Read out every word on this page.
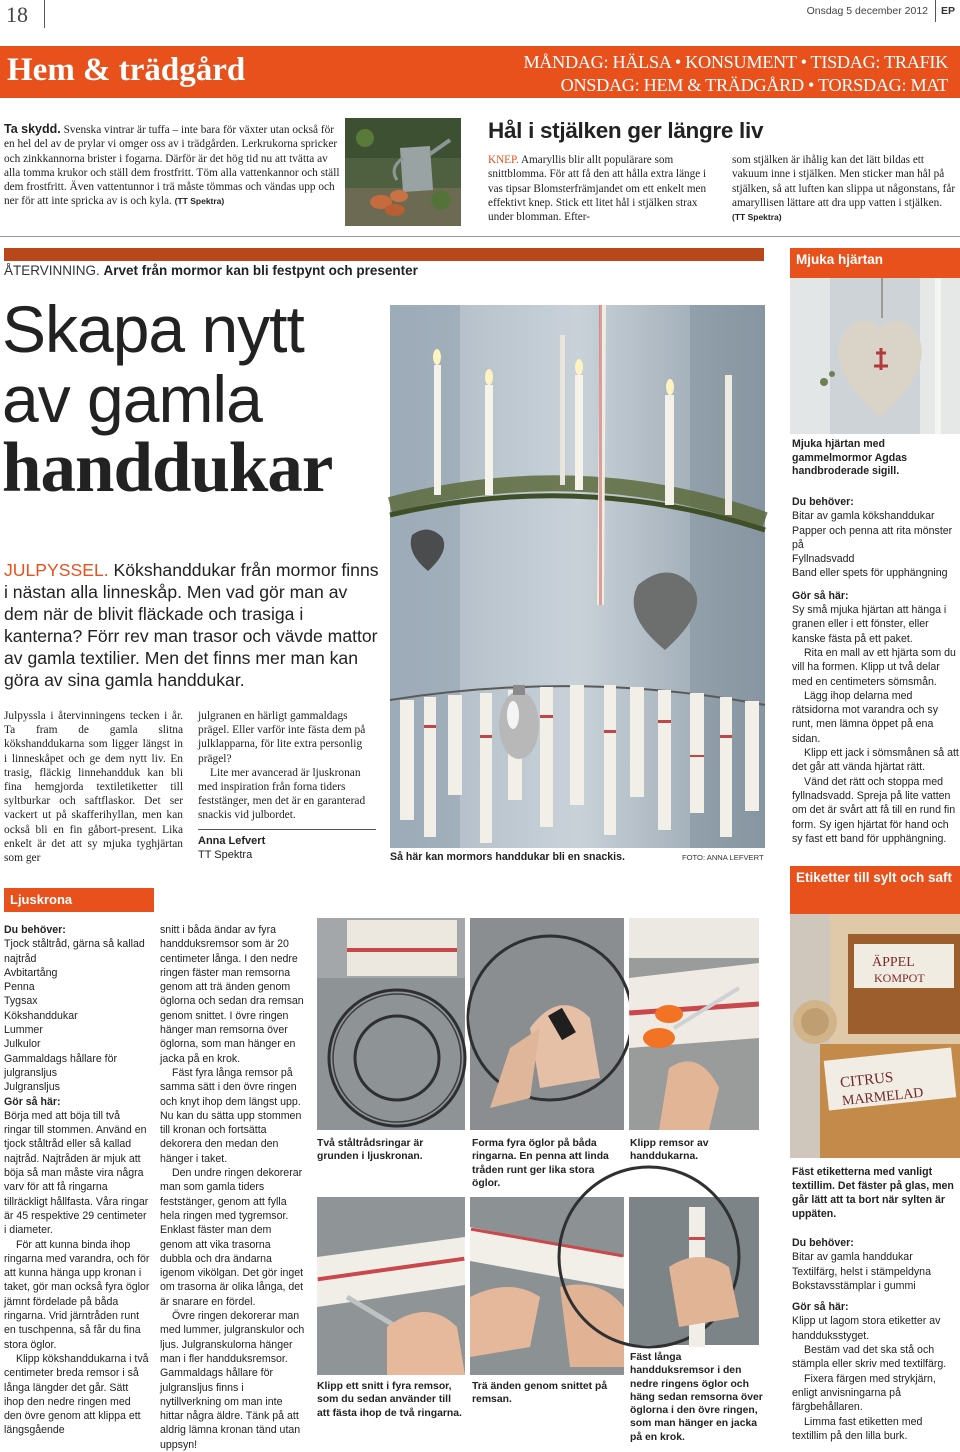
18	Onsdag 5 december 2012 EP
Hem & trädgård	MÅNDAG: HÄLSA • KONSUMENT • TISDAG: TRAFIK
ONSDAG: HEM & TRÄDGÅRD • TORSDAG: MAT

Ta skydd. Svenska vintrar är tuffa – inte bara för växter utan också för en hel del av de prylar vi omger oss av i trädgården. Lerkrukorna spricker och zinkkannorna brister i fogarna. Därför är det hög tid nu att tvätta av alla tomma krukor och ställ dem frostfritt. Töm alla vattenkannor och ställ dem frostfritt. Även vattentunnor i trä måste tömmas och vändas upp och ner för att inte spricka av is och kyla. (TT Spektra)

Hål i stjälken ger längre liv

KNEP. Amaryllis blir allt populärare som snittblomma. För att få den att hålla extra länge i vas tipsar Blomsterfrämjandet om ett enkelt men effektivt knep. Stick ett litet hål i stjälken strax under blomman. Efter-

som stjälken är ihålig kan det lätt bildas ett vakuum inne i stjälken. Men sticker man hål på stjälken, så att luften kan slippa ut någonstans, får amaryllisen lättare att dra upp vatten i stjälken. (TT Spektra)

ÅTERVINNING. Arvet från mormor kan bli festpynt och presenter
Skapa nytt
av gamla
handdukar

JULPYSSEL. Kökshanddukar från mormor finns i nästan alla linneskåp. Men vad gör man av dem när de blivit fläckade och trasiga i kanterna? Förr rev man trasor och vävde mattor av gamla textilier. Men det finns mer man kan göra av sina gamla handdukar.

Julpyssla i återvinningens tecken i år. Ta fram de gamla slitna kökshanddukarna som ligger längst in i linneskåpet och ge dem nytt liv. En trasig, fläckig linnehandduk kan bli fina hemgjorda textiletiketter till syltburkar och saftflaskor. Det ser vackert ut på skafferihyllan, men kan också bli en fin gåbort-present. Lika enkelt är det att sy mjuka tyghjärtan som ger

julgranen en härligt gammaldags prägel. Eller varför inte fästa dem på julklapparna, för lite extra personlig prägel?

Lite mer avancerad är ljuskronan med inspiration från forna tiders feststänger, men det är en garanterad snackis vid julbordet.

Anna Lefvert

TT Spektra	Så här kan mormors handdukar bli en snackis.	FOTO: ANNA LEFVERT
Mjuka hjärtan
Mjuka hjärtan med gammelmormor Agdas handbroderade sigill.

Du behöver:

Bitar av gamla kökshanddukar

Papper och penna att rita mönster på

Fyllnadsvadd

Band eller spets för upphängning

Gör så här:

Sy små mjuka hjärtan att hänga i granen eller i ett fönster, eller kanske fästa på ett paket.

Rita en mall av ett hjärta som du vill ha formen. Klipp ut två delar med en centimeters sömsmån.

Lägg ihop delarna med rätsidorna mot varandra och sy runt, men lämna öppet på ena sidan.

Klipp ett jack i sömsmånen så att det går att vända hjärtat rätt.

Vänd det rätt och stoppa med fyllnadsvadd. Spreja på lite vatten om det är svårt att få till en rund fin form. Sy igen hjärtat för hand och sy fast ett band för upphängning.

Etiketter till sylt och saft
ÄPPEL
KOMPOT
CITRUS
MARMELAD
Fäst etiketterna med vanligt textillim. Det fäster på glas, men går lätt att ta bort när sylten är uppäten.

Du behöver:

Bitar av gamla handdukar

Textilfärg, helst i stämpeldyna

Bokstavsstämplar i gummi

Gör så här:

Klipp ut lagom stora etiketter av handduksstyget.

Bestäm vad det ska stå och stämpla eller skriv med textilfärg.

Fixera färgen med strykjärn, enligt anvisningarna på färgbehållaren.

Limma fast etiketten med textillim på den lilla burk.

Ljuskrona

Du behöver:

Tjock ståltråd, gärna så kallad najtråd

Avbitartång

Penna

Tygsax

Kökshanddukar

Lummer

Julkulor

Gammaldags hållare för julgransljus

Julgransljus

Gör så här:

Börja med att böja till två ringar till stommen. Använd en tjock ståltråd eller så kallad najtråd. Najtråden är mjuk att böja så man måste vira några varv för att få ringarna tillräckligt hållfasta. Våra ringar är 45 respektive 29 centimeter i diameter.

För att kunna binda ihop ringarna med varandra, och för att kunna hänga upp kronan i taket, gör man också fyra öglor jämnt fördelade på båda ringarna. Vrid järntråden runt en tuschpenna, så får du fina stora öglor.

Klipp kökshanddukarna i två centimeter breda remsor i så långa längder det går. Sätt ihop den nedre ringen med den övre genom att klippa ett längsgående

snitt i båda ändar av fyra handduksremsor som är 20 centimeter långa. I den nedre ringen fäster man remsorna genom att trä änden genom öglorna och sedan dra remsan genom snittet. I övre ringen hänger man remsorna över öglorna, som man hänger en jacka på en krok.

Fäst fyra långa remsor på samma sätt i den övre ringen och knyt ihop dem längst upp. Nu kan du sätta upp stommen till kronan och fortsätta dekorera den medan den hänger i taket.

Den undre ringen dekorerar man som gamla tiders feststänger, genom att fylla hela ringen med tygremsor. Enklast fäster man dem genom att vika trasorna dubbla och dra ändarna igenom vikölgan. Det gör inget om trasorna är olika långa, det är snarare en fördel.

Övre ringen dekorerar man med lummer, julgranskulor och ljus. Julgranskulorna hänger man i fler handduksremsor. Gammaldags hållare för julgransljus finns i nytillverkning om man inte hittar några äldre. Tänk på att aldrig lämna kronan tänd utan uppsyn!

Två ståltrådsringar är grunden i ljuskronan.
Forma fyra öglor på båda ringarna. En penna att linda tråden runt ger lika stora öglor.
Klipp remsor av handdukarna.
Klipp ett snitt i fyra remsor, som du sedan använder till att fästa ihop de två ringarna.
Trä änden genom snittet på remsan.
Fäst långa handduksremsor i den nedre ringens öglor och häng sedan remsorna över öglorna i den övre ringen, som man hänger en jacka på en krok.
